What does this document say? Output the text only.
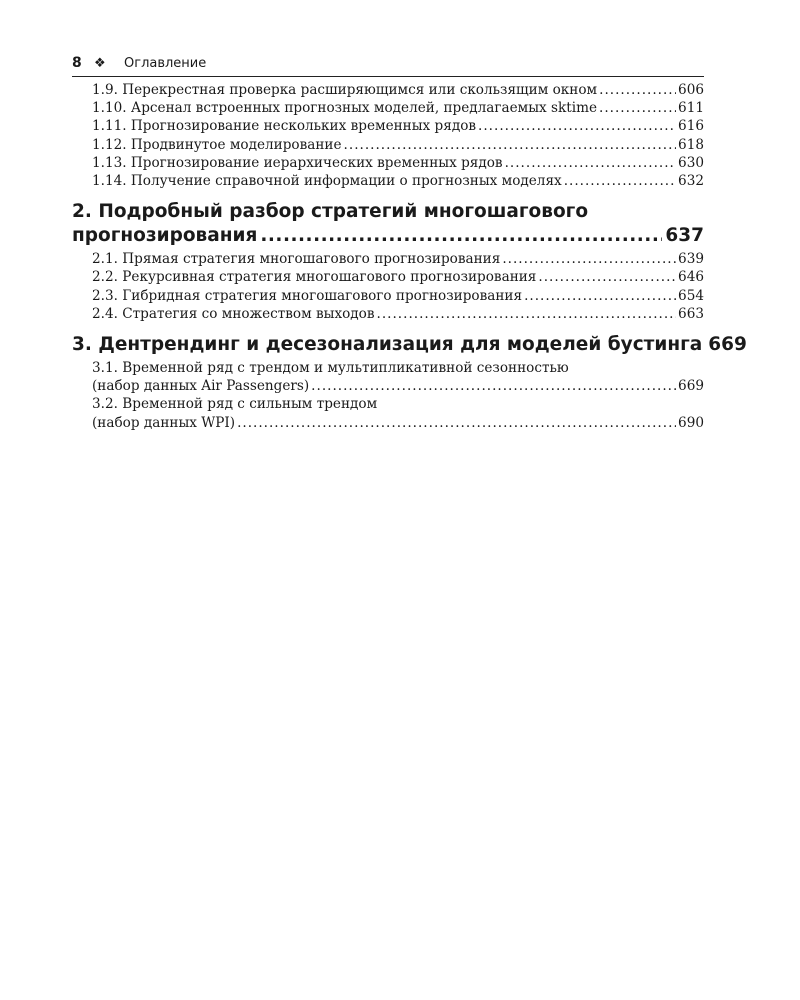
8 ❖	Оглавление
1.9. Перекрестная проверка расширяющимся или скользящим окном .....	606
1.10. Арсенал встроенных прогнозных моделей, предлагаемых sktime .....	611
1.11. Прогнозирование нескольких временных рядов .....	616
1.12. Продвинутое моделирование .....	618
1.13. Прогнозирование иерархических временных рядов .....	630
1.14. Получение справочной информации о прогнозных моделях .....	632
2. Подробный разбор стратегий многошагового
прогнозирования .....	637
2.1. Прямая стратегия многошагового прогнозирования .....	639
2.2. Рекурсивная стратегия многошагового прогнозирования .....	646
2.3. Гибридная стратегия многошагового прогнозирования .....	654
2.4. Стратегия со множеством выходов .....	663
3. Дентрендинг и десезонализация для моделей бустинга 669
3.1. Временной ряд с трендом и мультипликативной сезонностью
(набор данных Air Passengers) .....	669
3.2. Временной ряд с сильным трендом
(набор данных WPI) .....	690
